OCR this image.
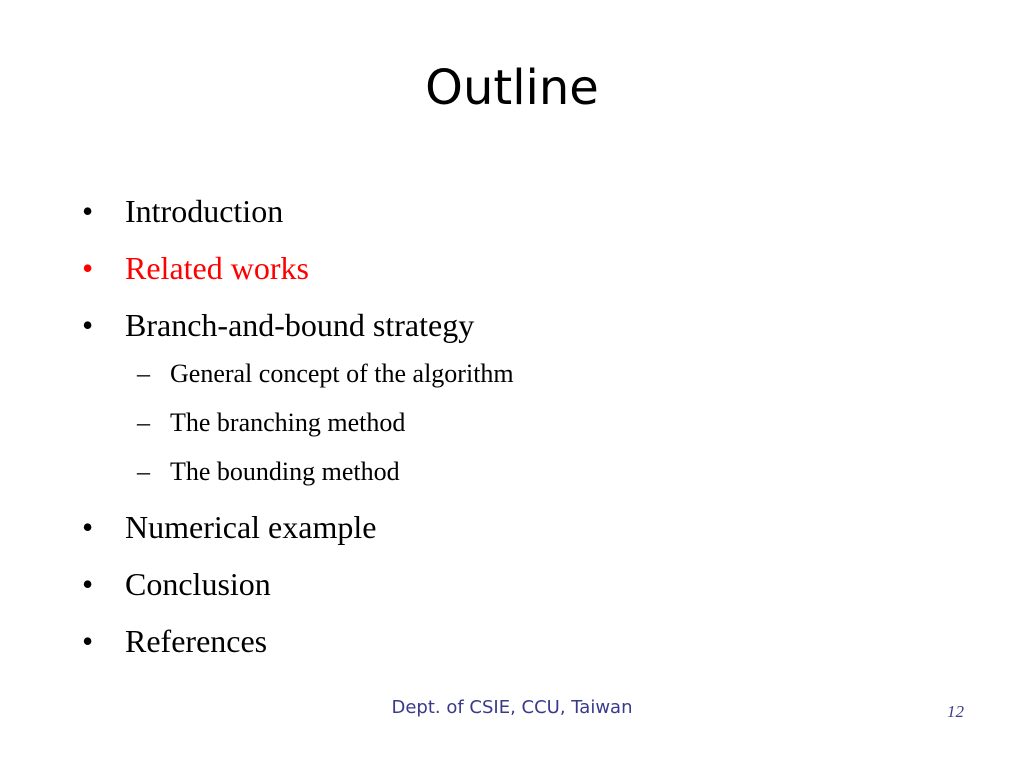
Outline
• Introduction
• Related works
• Branch-and-bound strategy
– General concept of the algorithm
– The branching method
– The bounding method
• Numerical example
• Conclusion
• References
Dept. of CSIE, CCU, Taiwan	12
